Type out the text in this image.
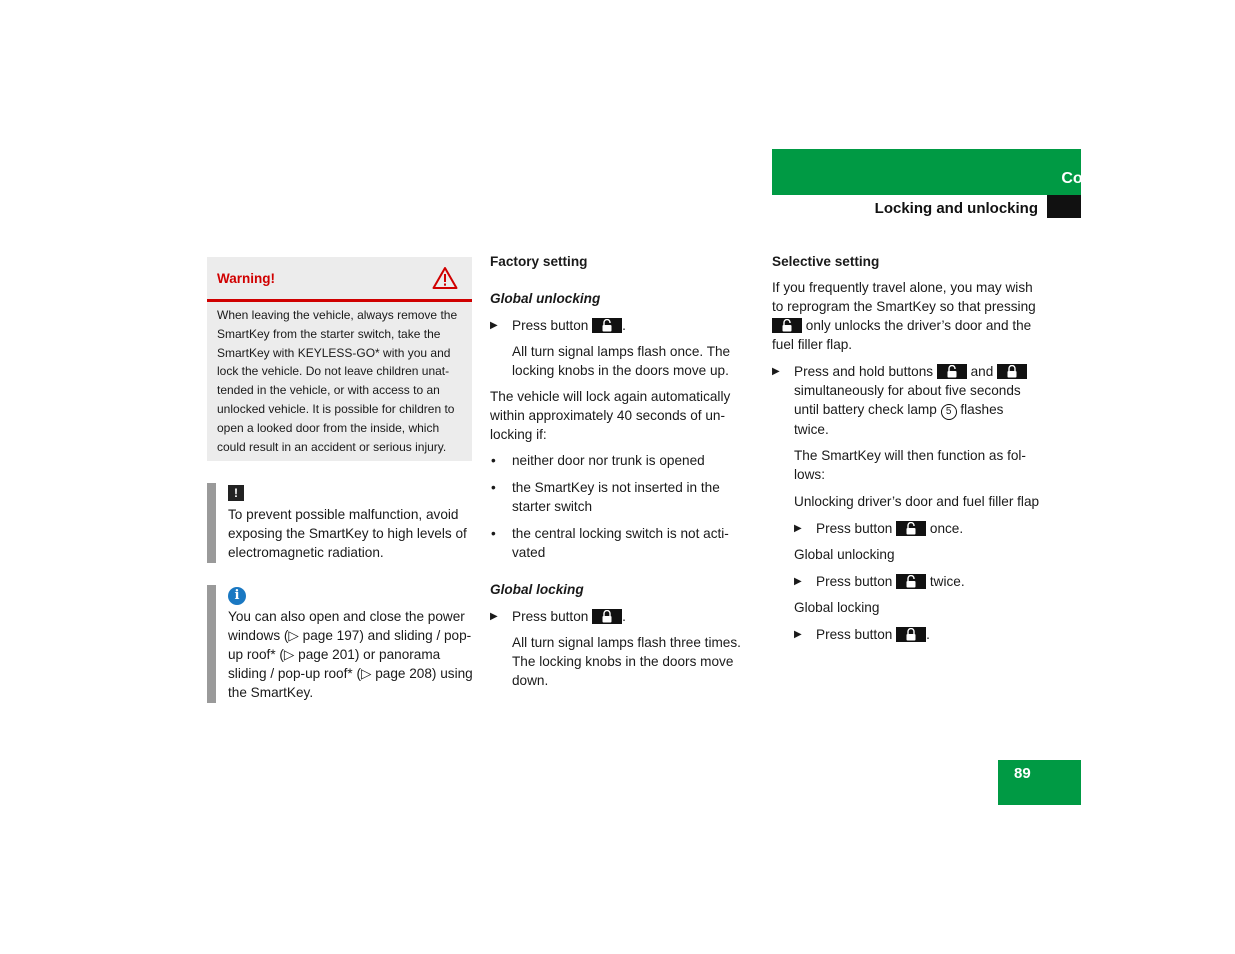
Controls in detail
Locking and unlocking
Warning!
When leaving the vehicle, always remove the SmartKey from the starter switch, take the SmartKey with KEYLESS-GO* with you and lock the vehicle. Do not leave children unat-tended in the vehicle, or with access to an unlocked vehicle. It is possible for children to open a looked door from the inside, which could result in an accident or serious injury.
!
To prevent possible malfunction, avoid exposing the SmartKey to high levels of electromagnetic radiation.
i
You can also open and close the power windows (▷ page 197) and sliding / pop-up roof* (▷ page 201) or panorama sliding / pop-up roof* (▷ page 208) using the SmartKey.

Factory setting

Global unlocking

▶ Press button .

All turn signal lamps flash once. The locking knobs in the doors move up.

The vehicle will lock again automatically within approximately 40 seconds of un-locking if:

• neither door nor trunk is opened

• the SmartKey is not inserted in the starter switch

• the central locking switch is not acti-vated

Global locking

▶ Press button .

All turn signal lamps flash three times. The locking knobs in the doors move down.

Selective setting

If you frequently travel alone, you may wish to reprogram the SmartKey so that pressing
only unlocks the driver’s door and the fuel filler flap.

▶ Press and hold buttons	and
simultaneously for about five seconds until battery check lamp 5 flashes twice.

The SmartKey will then function as fol-lows:

Unlocking driver’s door and fuel filler flap

▶ Press button	once.

Global unlocking

▶ Press button	twice.

Global locking

▶ Press button .

89
